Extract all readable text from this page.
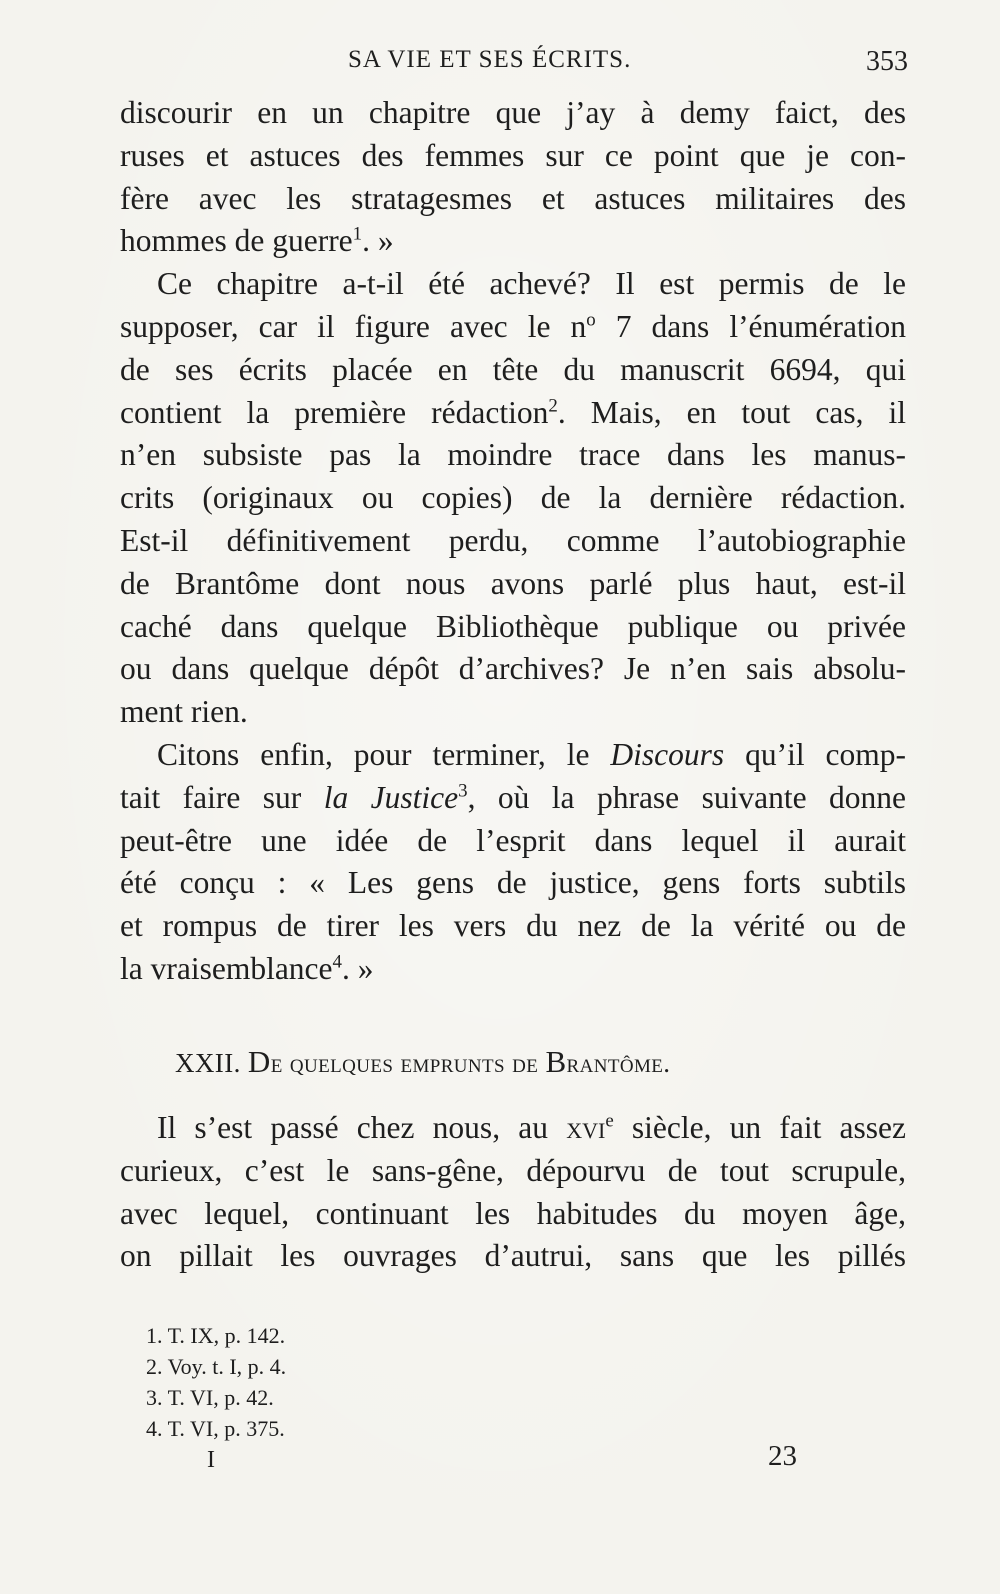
SA VIE ET SES ÉCRITS.	353
discourir en un chapitre que j’ay à demy faict, des
ruses et astuces des femmes sur ce point que je con-
fère avec les stratagesmes et astuces militaires des
hommes de guerre$^1$. »
Ce chapitre a-t-il été achevé? Il est permis de le
supposer, car il figure avec le $n^o$ 7 dans l’énumération
de ses écrits placée en tête du manuscrit 6694, qui
contient la première rédaction$^2$. Mais, en tout cas, il
n’en subsiste pas la moindre trace dans les manus-
crits (originaux ou copies) de la dernière rédaction.
Est-il définitivement perdu, comme l’autobiographie
de Brantôme dont nous avons parlé plus haut, est-il
caché dans quelque Bibliothèque publique ou privée
ou dans quelque dépôt d’archives? Je n’en sais absolu-
ment rien.
Citons enfin, pour terminer, le Discours qu’il comp-
tait faire sur la Justice$^3$, où la phrase suivante donne
peut-être une idée de l’esprit dans lequel il aurait
été conçu : « Les gens de justice, gens forts subtils
et rompus de tirer les vers du nez de la vérité ou de
la vraisemblance$^4$. »
XXII. De quelques emprunts de Brantôme.
Il s’est passé chez nous, au xvi$^e$ siècle, un fait assez
curieux, c’est le sans-gêne, dépourvu de tout scrupule,
avec lequel, continuant les habitudes du moyen âge,
on pillait les ouvrages d’autrui, sans que les pillés
1. T. IX, p. 142.
2. Voy. t. I, p. 4.
3. T. VI, p. 42.
4. T. VI, p. 375.
I	23
